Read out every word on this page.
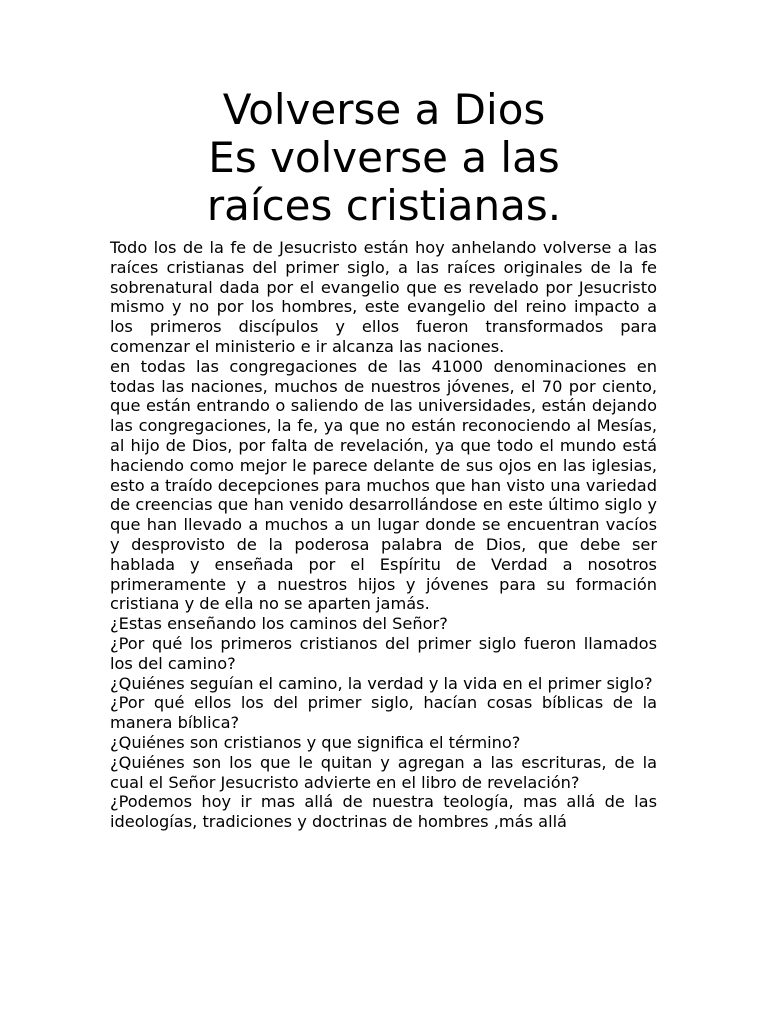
Volverse a Dios
Es volverse a las
raíces cristianas.

Todo los de la fe de Jesucristo están hoy anhelando volverse a las raíces cristianas del primer siglo, a las raíces originales de la fe sobrenatural dada por el evangelio que es revelado por Jesucristo mismo y no por los hombres, este evangelio del reino impacto a los primeros discípulos y ellos fueron transformados para comenzar el ministerio e ir alcanza las naciones.

en todas las congregaciones de las 41000 denominaciones en todas las naciones, muchos de nuestros jóvenes, el 70 por ciento, que están entrando o saliendo de las universidades, están dejando las congregaciones, la fe, ya que no están reconociendo al Mesías, al hijo de Dios, por falta de revelación, ya que todo el mundo está haciendo como mejor le parece delante de sus ojos en las iglesias, esto a traído decepciones para muchos que han visto una variedad de creencias que han venido desarrollándose en este último siglo y que han llevado a muchos a un lugar donde se encuentran vacíos y desprovisto de la poderosa palabra de Dios, que debe ser hablada y enseñada por el Espíritu de Verdad a nosotros primeramente y a nuestros hijos y jóvenes para su formación cristiana y de ella no se aparten jamás.

¿Estas enseñando los caminos del Señor?

¿Por qué los primeros cristianos del primer siglo fueron llamados los del camino?

¿Quiénes seguían el camino, la verdad y la vida en el primer siglo?

¿Por qué ellos los del primer siglo, hacían cosas bíblicas de la manera bíblica?

¿Quiénes son cristianos y que significa el término?

¿Quiénes son los que le quitan y agregan a las escrituras, de la cual el Señor Jesucristo advierte en el libro de revelación?

¿Podemos hoy ir mas allá de nuestra teología, mas allá de las ideologías, tradiciones y doctrinas de hombres ,más allá
